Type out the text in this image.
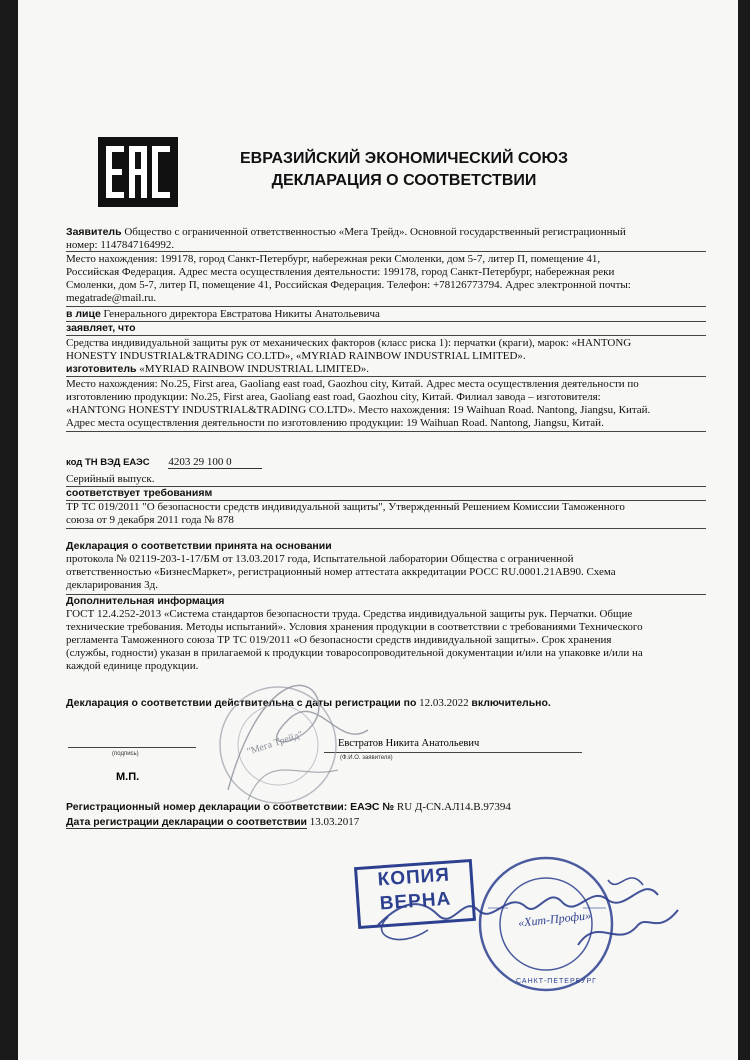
ЕВРАЗИЙСКИЙ ЭКОНОМИЧЕСКИЙ СОЮЗ
ДЕКЛАРАЦИЯ О СООТВЕТСТВИИ
Заявитель Общество с ограниченной ответственностью «Мега Трейд». Основной государственный регистрационный
номер: 1147847164992.
Место нахождения: 199178, город Санкт-Петербург, набережная реки Смоленки, дом 5-7, литер П, помещение 41,
Российская Федерация. Адрес места осуществления деятельности: 199178, город Санкт-Петербург, набережная реки
Смоленки, дом 5-7, литер П, помещение 41, Российская Федерация. Телефон: +78126773794. Адрес электронной почты:
megatrade@mail.ru.
в лице Генерального директора Евстратова Никиты Анатольевича
заявляет, что
Средства индивидуальной защиты рук от механических факторов (класс риска 1): перчатки (краги), марок: «HANTONG
HONESTY INDUSTRIAL&TRADING CO.LTD», «MYRIAD RAINBOW INDUSTRIAL LIMITED».
изготовитель «MYRIAD RAINBOW INDUSTRIAL LIMITED».
Место нахождения: No.25, First area, Gaoliang east road, Gaozhou city, Китай. Адрес места осуществления деятельности по
изготовлению продукции: No.25, First area, Gaoliang east road, Gaozhou city, Китай. Филиал завода – изготовителя:
«HANTONG HONESTY INDUSTRIAL&TRADING CO.LTD». Место нахождения: 19 Waihuan Road. Nantong, Jiangsu, Китай.
Адрес места осуществления деятельности по изготовлению продукции: 19 Waihuan Road. Nantong, Jiangsu, Китай.
код ТН ВЭД ЕАЭС 4203 29 100 0
Серийный выпуск.
соответствует требованиям
ТР ТС 019/2011 "О безопасности средств индивидуальной защиты", Утвержденный Решением Комиссии Таможенного
союза от 9 декабря 2011 года № 878
Декларация о соответствии принята на основании
протокола № 02119-203-1-17/БМ от 13.03.2017 года, Испытательной лаборатории Общества с ограниченной
ответственностью «БизнесМаркет», регистрационный номер аттестата аккредитации РОСС RU.0001.21АВ90. Схема
декларирования 3д.
Дополнительная информация
ГОСТ 12.4.252-2013 «Система стандартов безопасности труда. Средства индивидуальной защиты рук. Перчатки. Общие
технические требования. Методы испытаний». Условия хранения продукции в соответствии с требованиями Технического
регламента Таможенного союза ТР ТС 019/2011 «О безопасности средств индивидуальной защиты». Срок хранения
(службы, годности) указан в прилагаемой к продукции товаросопроводительной документации и/или на упаковке и/или на
каждой единице продукции.
Декларация о соответствии действительна с даты регистрации по 12.03.2022 включительно.
(подпись)
Евстратов Никита Анатольевич
(Ф.И.О. заявителя)
М.П.
"Мега Трейд"
Регистрационный номер декларации о соответствии: ЕАЭС № RU Д-CN.АЛ14.В.97394
Дата регистрации декларации о соответствии 13.03.2017
КОПИЯ
ВЕРНА
«Хит-Профи»
САНКТ-ПЕТЕРБУРГ
